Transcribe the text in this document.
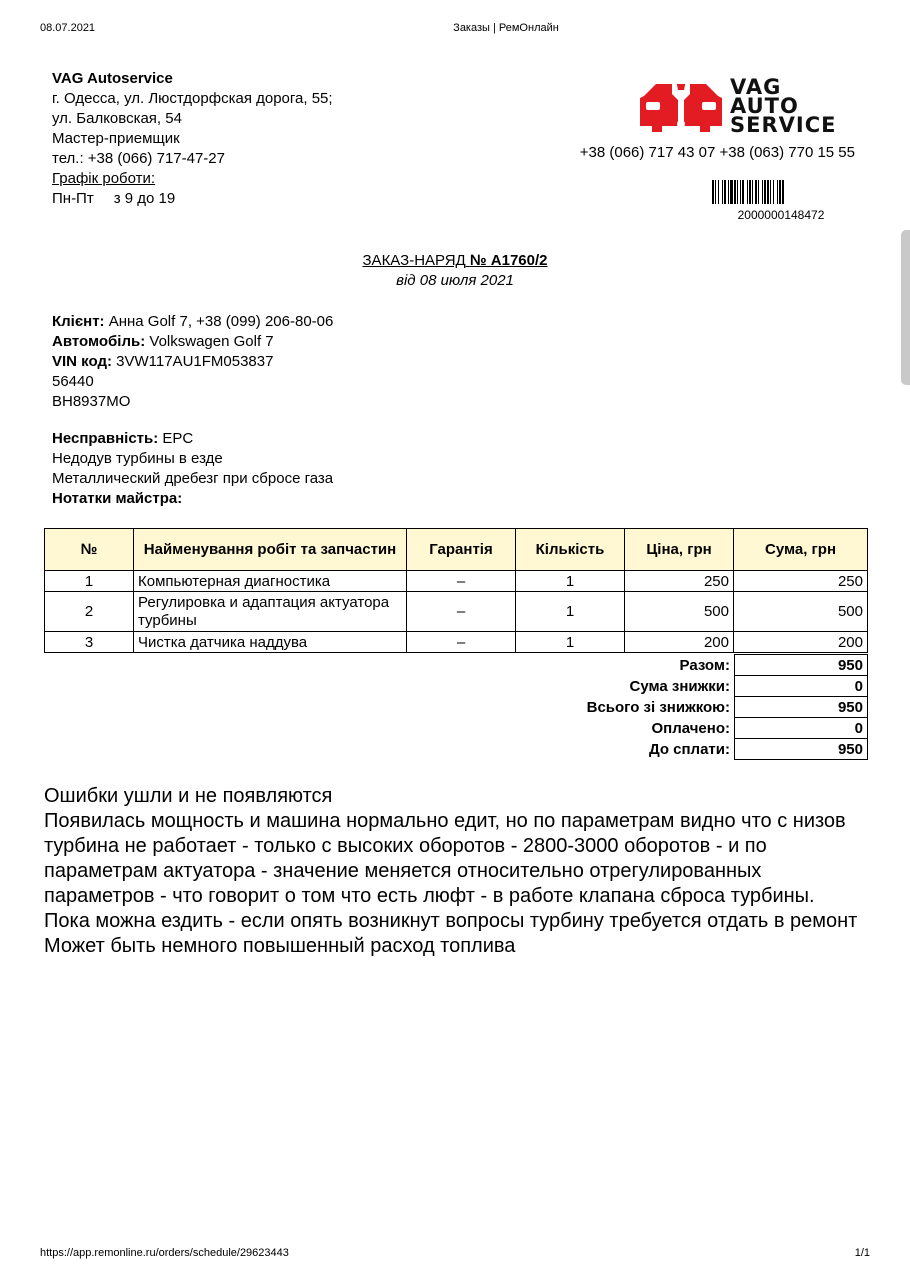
08.07.2021	Заказы | РемОнлайн
VAG Autoservice
г. Одесса, ул. Люстдорфская дорога, 55;
ул. Балковская, 54
Мастер-приемщик
тел.: +38 (066) 717-47-27
Графік роботи:
Пн-Пт з 9 до 19
VAG
AUTO
SERVICE
+38 (066) 717 43 07 +38 (063) 770 15 55
2000000148472
ЗАКАЗ-НАРЯД № А1760/2
від 08 июля 2021
Клієнт: Анна Golf 7, +38 (099) 206-80-06
Автомобіль: Volkswagen Golf 7
VIN код: 3VW117AU1FM053837
56440
ВН8937МО
Несправність: EPC
Недодув турбины в езде
Металлический дребезг при сбросе газа
Нотатки майстра:
№	Найменування робіт та запчастин	Гарантія	Кількість	Ціна, грн	Сума, грн
1	Компьютерная диагностика	–	1	250	250
2	Регулировка и адаптация актуатора турбины	–	1	500	500
3	Чистка датчика наддува	–	1	200	200
Разом:	950
Сума знижки:	0
Всього зі знижкою:	950
Оплачено:	0
До сплати:	950
Ошибки ушли и не появляются
Появилась мощность и машина нормально едит, но по параметрам видно что с низов турбина не работает - только с высоких оборотов - 2800-3000 оборотов - и по параметрам актуатора - значение меняется относительно отрегулированных параметров - что говорит о том что есть люфт - в работе клапана сброса турбины.
Пока можна ездить - если опять возникнут вопросы турбину требуется отдать в ремонт
Может быть немного повышенный расход топлива
https://app.remonline.ru/orders/schedule/29623443	1/1
